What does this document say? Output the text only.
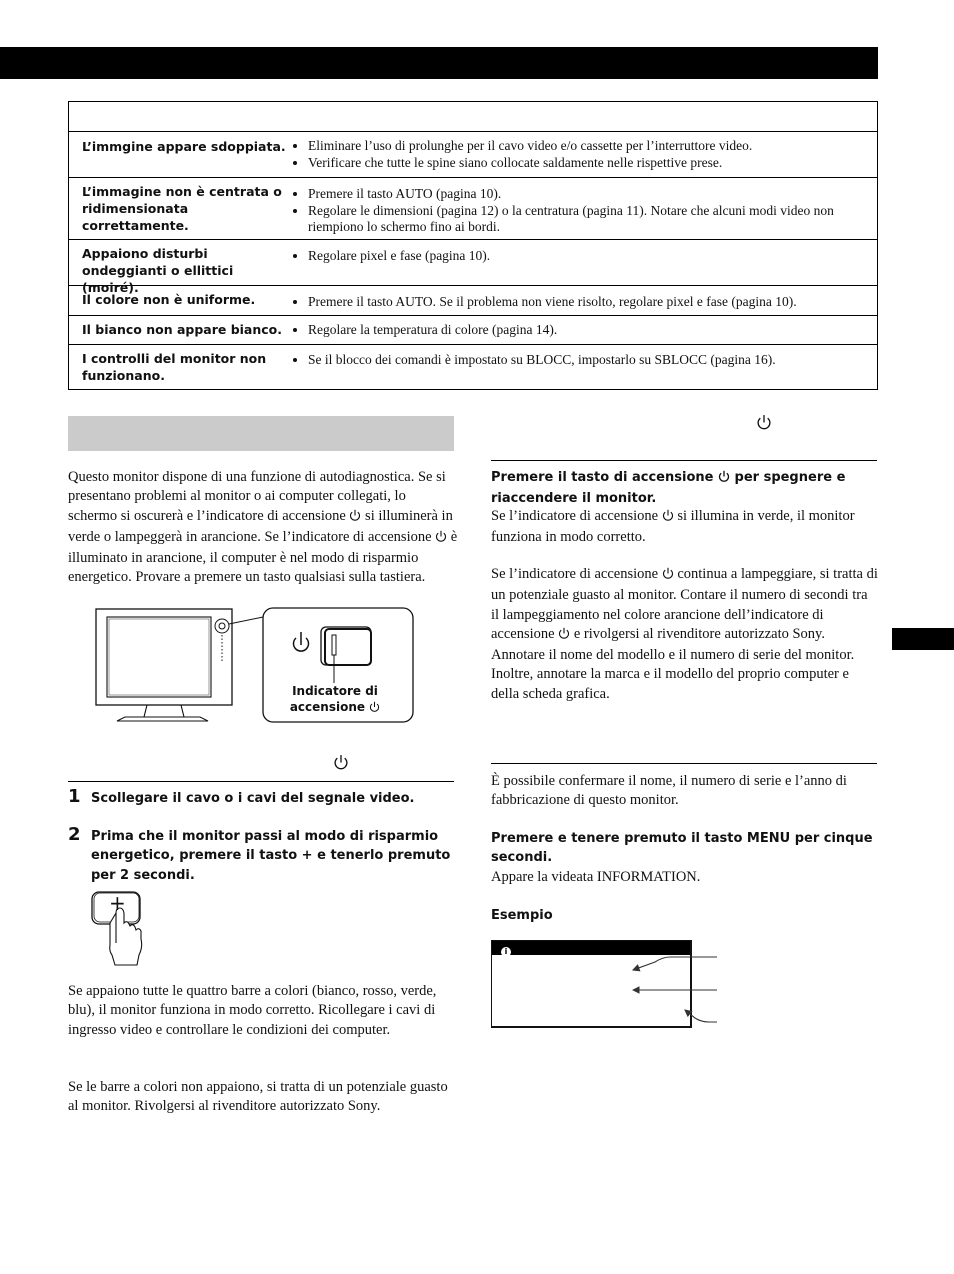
L’immgine appare sdoppiata. • Eliminare l’uso di prolunghe per il cavo video e/o cassette per l’interruttore video.
• Verificare che tutte le spine siano collocate saldamente nelle rispettive prese.
L’immagine non è centrata o ridimensionata correttamente.
• Premere il tasto AUTO (pagina 10).
• Regolare le dimensioni (pagina 12) o la centratura (pagina 11). Notare che alcuni modi video non riempiono lo schermo fino ai bordi.
Appaiono disturbi ondeggianti o ellittici (moiré).
• Regolare pixel e fase (pagina 10).
Il colore non è uniforme.	• Premere il tasto AUTO. Se il problema non viene risolto, regolare pixel e fase (pagina 10).
Il bianco non appare bianco.	• Regolare la temperatura di colore (pagina 14).
I controlli del monitor non funzionano.
• Se il blocco dei comandi è impostato su BLOCC, impostarlo su SBLOCC (pagina 16).
Questo monitor dispone di una funzione di autodiagnostica. Se si presentano problemi al monitor o ai computer collegati, lo schermo si oscurerà e l’indicatore di accensione si illuminerà in verde o lampeggerà in arancione. Se l’indicatore di accensione è illuminato in arancione, il computer è nel modo di risparmio energetico. Provare a premere un tasto qualsiasi sulla tastiera.
Indicatore di
accensione
1 Scollegare il cavo o i cavi del segnale video.
2 Prima che il monitor passi al modo di risparmio energetico, premere il tasto + e tenerlo premuto per 2 secondi.
+
Se appaiono tutte le quattro barre a colori (bianco, rosso, verde, blu), il monitor funziona in modo corretto. Ricollegare i cavi di ingresso video e controllare le condizioni dei computer.
Se le barre a colori non appaiono, si tratta di un potenziale guasto al monitor. Rivolgersi al rivenditore autorizzato Sony.
Premere il tasto di accensione per spegnere e riaccendere il monitor.
Se l’indicatore di accensione si illumina in verde, il monitor funziona in modo corretto.
Se l’indicatore di accensione continua a lampeggiare, si tratta di un potenziale guasto al monitor. Contare il numero di secondi tra il lampeggiamento nel colore arancione dell’indicatore di accensione e rivolgersi al rivenditore autorizzato Sony. Annotare il nome del modello e il numero di serie del monitor. Inoltre, annotare la marca e il modello del proprio computer e della scheda grafica.
È possibile confermare il nome, il numero di serie e l’anno di fabbricazione di questo monitor.
Premere e tenere premuto il tasto MENU per cinque secondi.
Appare la videata INFORMATION.
Esempio
i
